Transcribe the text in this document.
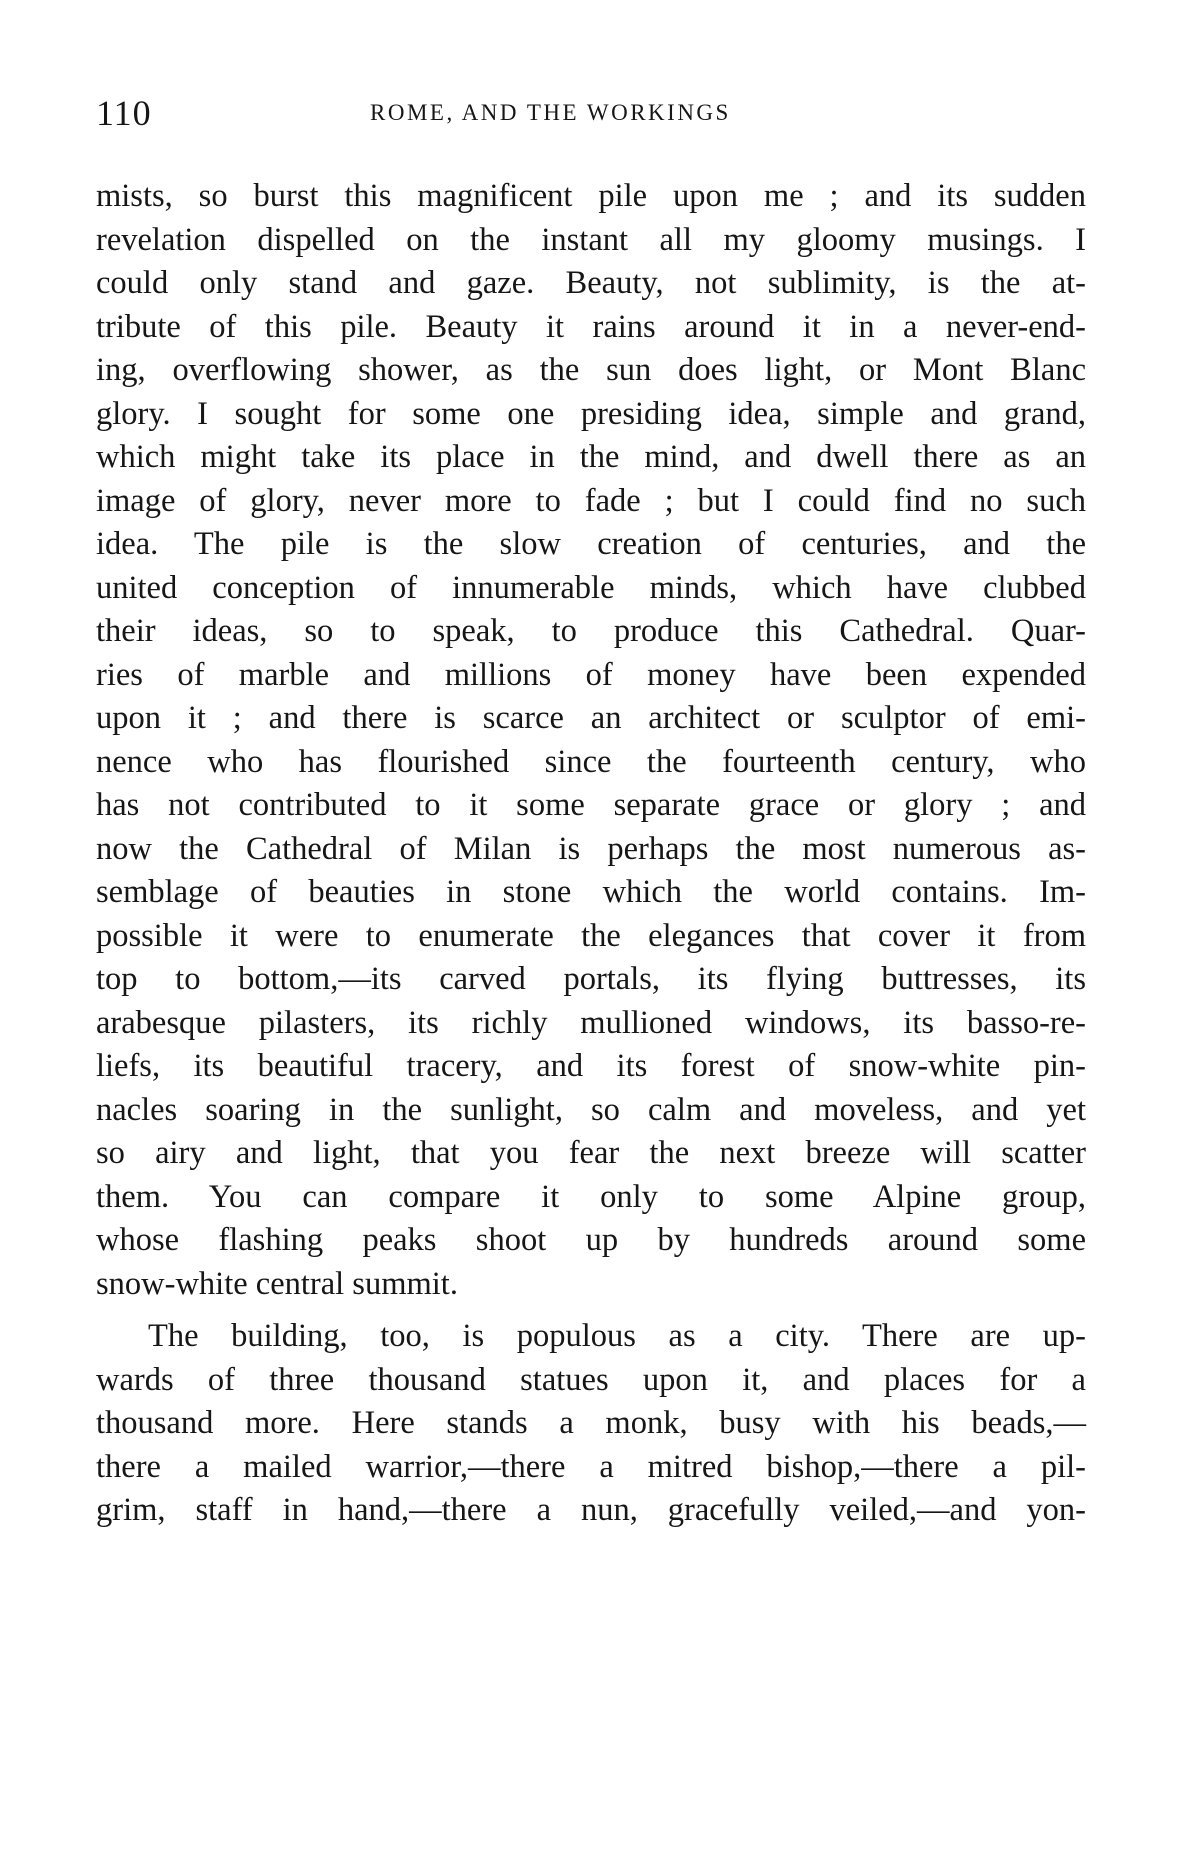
110	ROME, AND THE WORKINGS
mists, so burst this magnificent pile upon me ; and its sudden
revelation dispelled on the instant all my gloomy musings. I
could only stand and gaze. Beauty, not sublimity, is the at-
tribute of this pile. Beauty it rains around it in a never-end-
ing, overflowing shower, as the sun does light, or Mont Blanc
glory. I sought for some one presiding idea, simple and grand,
which might take its place in the mind, and dwell there as an
image of glory, never more to fade ; but I could find no such
idea. The pile is the slow creation of centuries, and the
united conception of innumerable minds, which have clubbed
their ideas, so to speak, to produce this Cathedral. Quar-
ries of marble and millions of money have been expended
upon it ; and there is scarce an architect or sculptor of emi-
nence who has flourished since the fourteenth century, who
has not contributed to it some separate grace or glory ; and
now the Cathedral of Milan is perhaps the most numerous as-
semblage of beauties in stone which the world contains. Im-
possible it were to enumerate the elegances that cover it from
top to bottom,—its carved portals, its flying buttresses, its
arabesque pilasters, its richly mullioned windows, its basso-re-
liefs, its beautiful tracery, and its forest of snow-white pin-
nacles soaring in the sunlight, so calm and moveless, and yet
so airy and light, that you fear the next breeze will scatter
them. You can compare it only to some Alpine group,
whose flashing peaks shoot up by hundreds around some
snow-white central summit.
The building, too, is populous as a city. There are up-
wards of three thousand statues upon it, and places for a
thousand more. Here stands a monk, busy with his beads,—
there a mailed warrior,—there a mitred bishop,—there a pil-
grim, staff in hand,—there a nun, gracefully veiled,—and yon-
